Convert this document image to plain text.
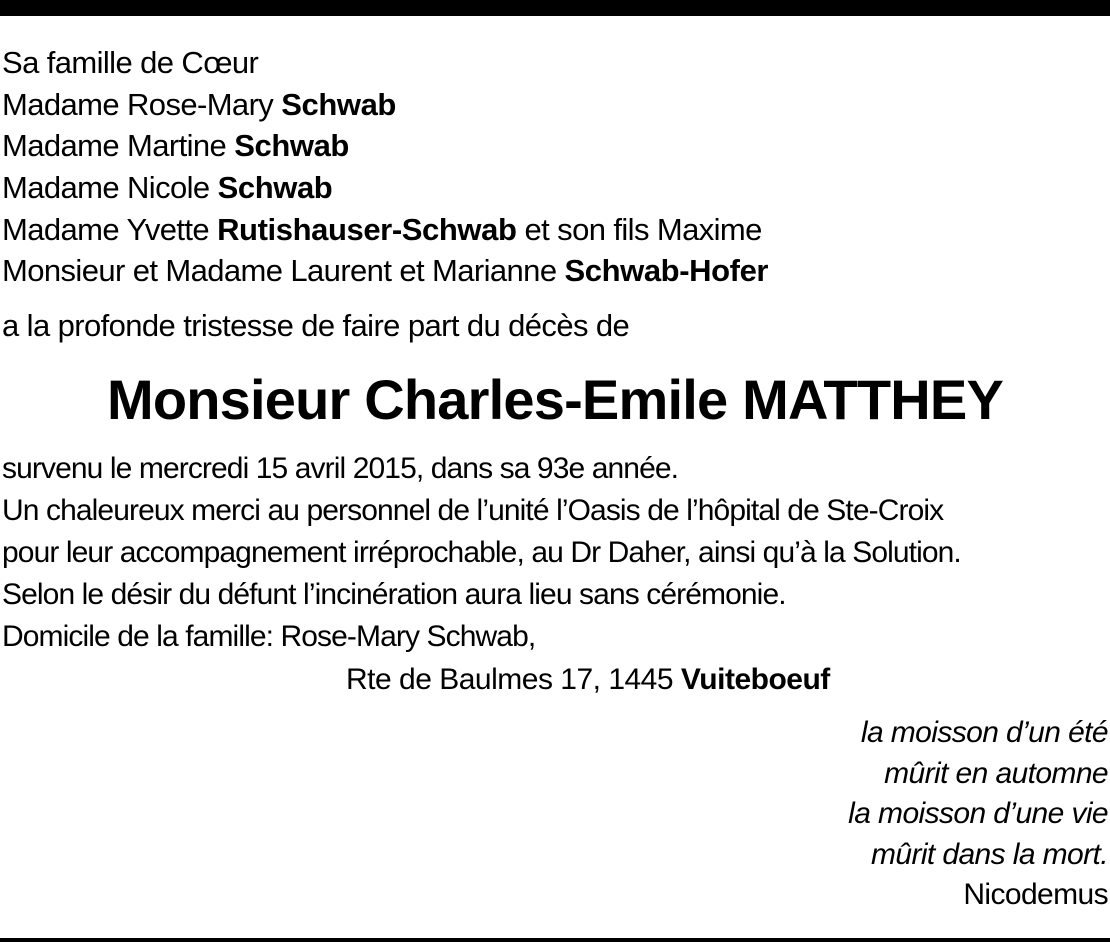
Sa famille de Cœur
Madame Rose-Mary Schwab
Madame Martine Schwab
Madame Nicole Schwab
Madame Yvette Rutishauser-Schwab et son fils Maxime
Monsieur et Madame Laurent et Marianne Schwab-Hofer
a la profonde tristesse de faire part du décès de
survenu le mercredi 15 avril 2015, dans sa 93e année.
Un chaleureux merci au personnel de l’unité l’Oasis de l’hôpital de Ste-Croix
pour leur accompagnement irréprochable, au Dr Daher, ainsi qu’à la Solution.
Selon le désir du défunt l’incinération aura lieu sans cérémonie.
Domicile de la famille: Rose-Mary Schwab,
Monsieur Charles-Emile MATTHEY
Rte de Baulmes 17, 1445 Vuiteboeuf
la moisson d’un été
mûrit en automne
la moisson d’une vie
mûrit dans la mort.
Nicodemus
